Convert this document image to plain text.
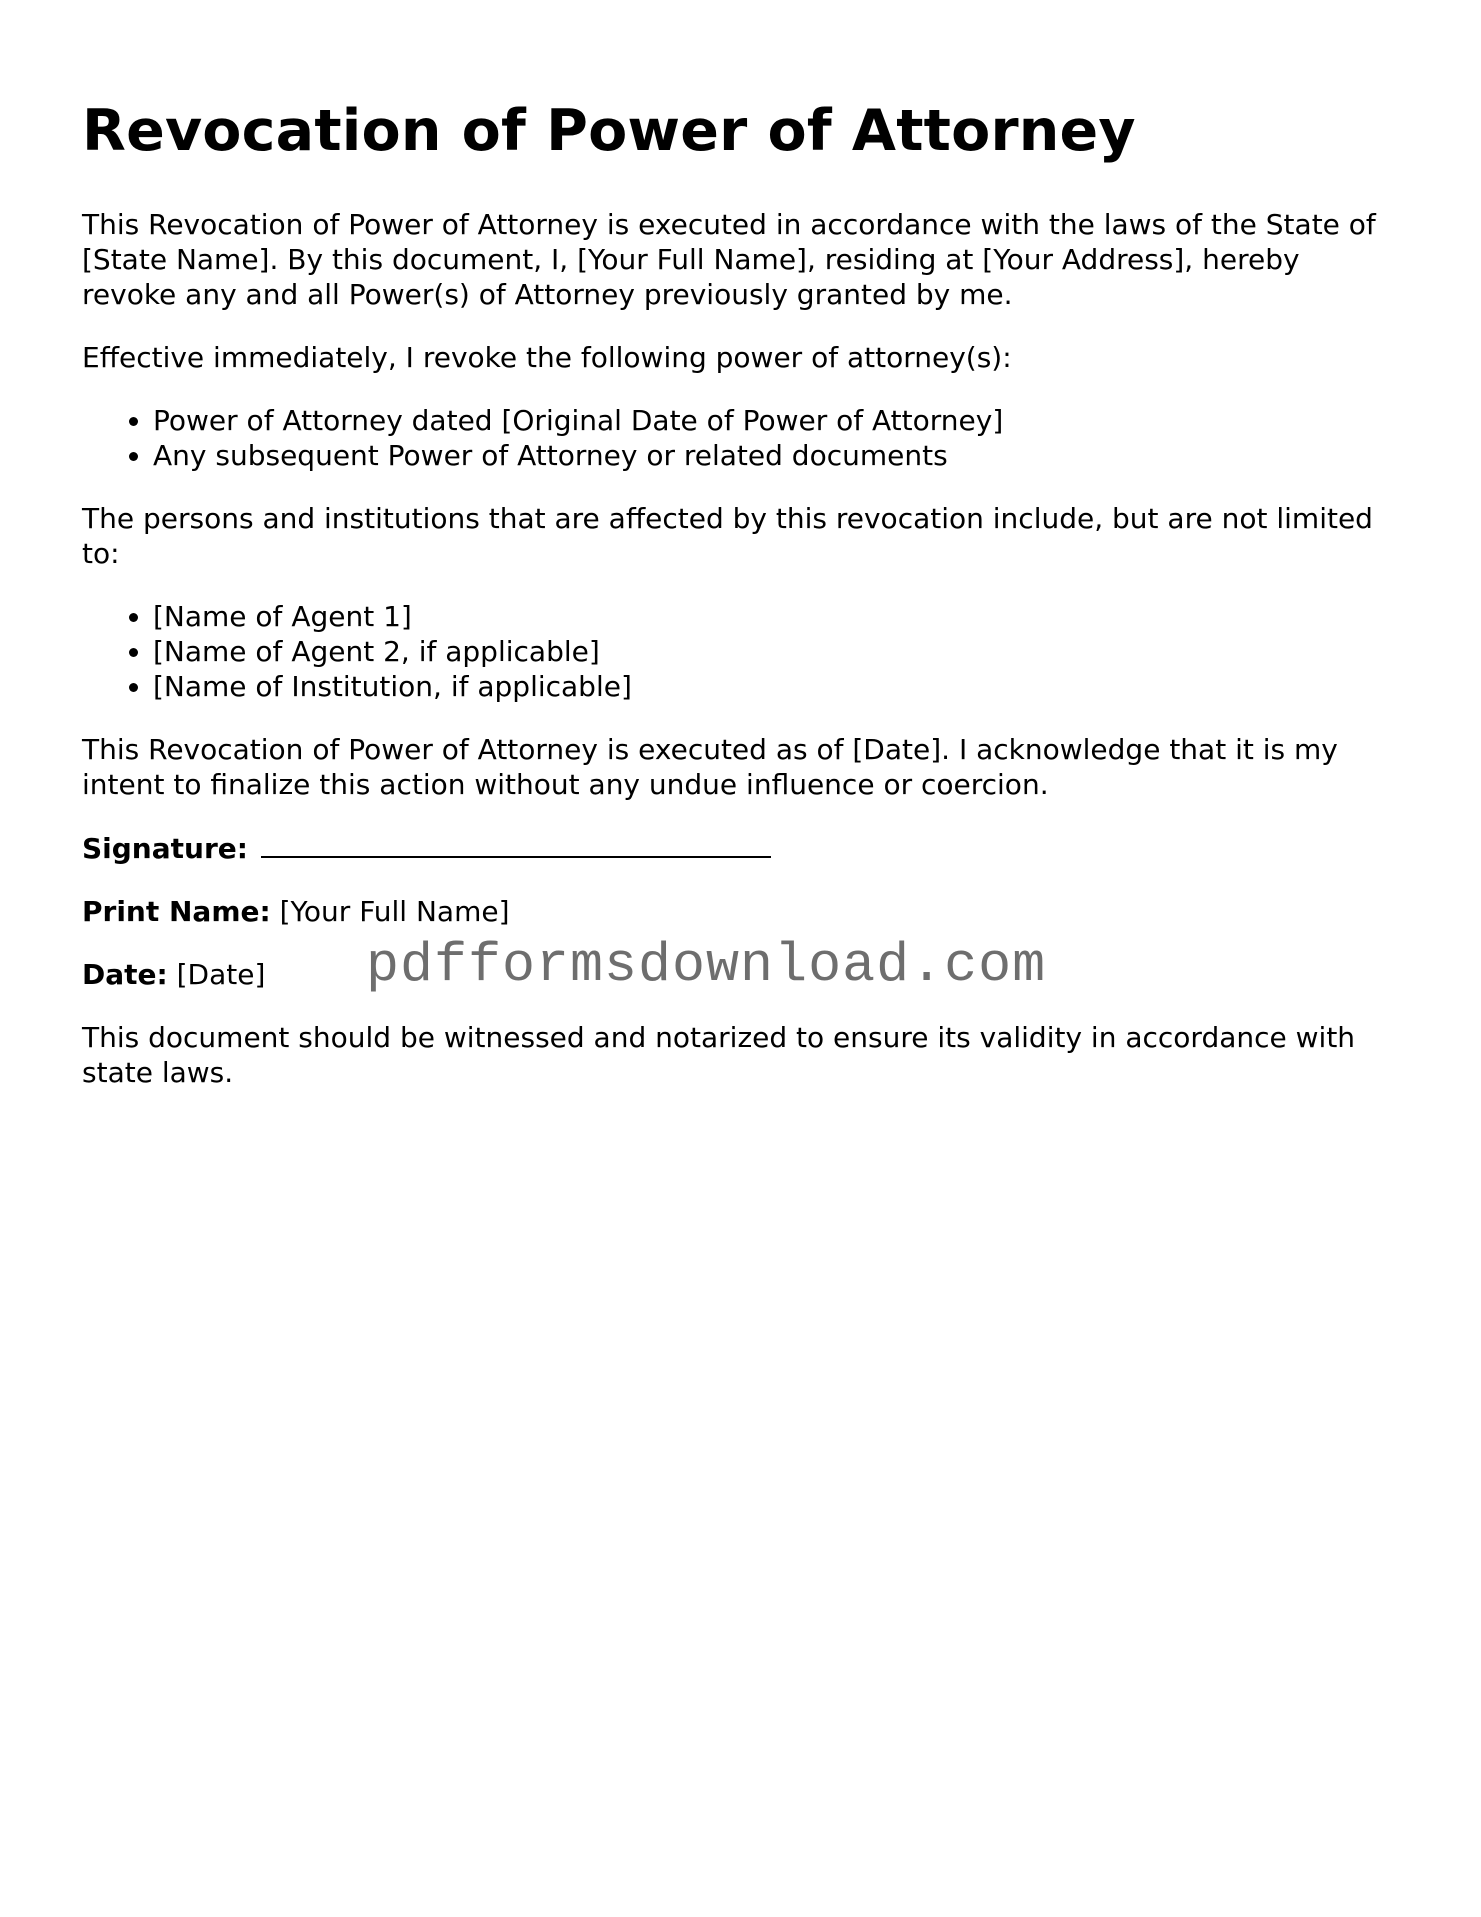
Revocation of Power of Attorney

This Revocation of Power of Attorney is executed in accordance with the laws of the State of [State Name]. By this document, I, [Your Full Name], residing at [Your Address], hereby revoke any and all Power(s) of Attorney previously granted by me.

Effective immediately, I revoke the following power of attorney(s):

• Power of Attorney dated [Original Date of Power of Attorney]
• Any subsequent Power of Attorney or related documents

The persons and institutions that are affected by this revocation include, but are not limited to:

• [Name of Agent 1]
• [Name of Agent 2, if applicable]
• [Name of Institution, if applicable]

This Revocation of Power of Attorney is executed as of [Date]. I acknowledge that it is my intent to finalize this action without any undue influence or coercion.

Signature:

Print Name: [Your Full Name]

Date: [Date]

This document should be witnessed and notarized to ensure its validity in accordance with state laws.

pdfformsdownload.com
